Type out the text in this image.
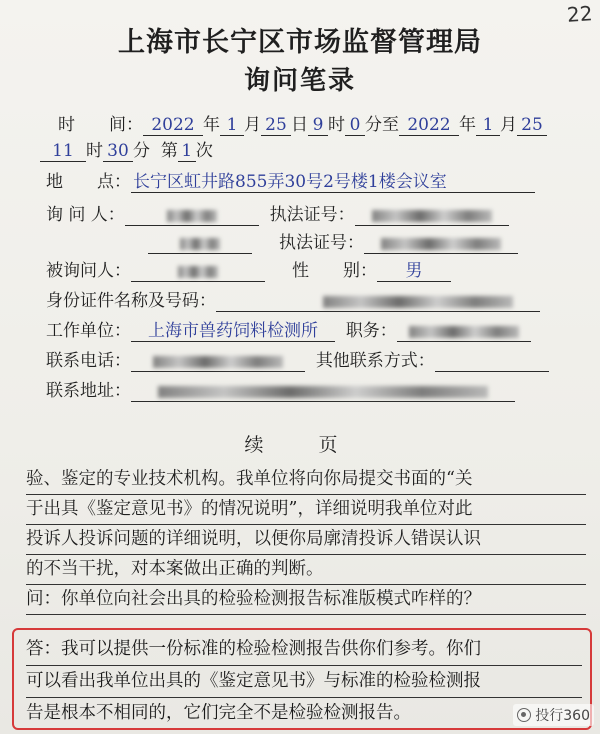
22
上海市长宁区市场监督管理局
询问笔录
时　　间： 2022 年 1 月 25 日 9 时 0 分至 2022 年 1 月 25
11 时 30 分 第 1 次
地　　点： 长宁区虹井路855弄30号2号楼1楼会议室
询 问 人：	执法证号：
执法证号：
被询问人：	性　　别： 男
身份证件名称及号码：
工作单位： 上海市兽药饲料检测所 职务：
联系电话：	其他联系方式：
联系地址：
续　页
验、鉴定的专业技术机构。我单位将向你局提交书面的“关
于出具《鉴定意见书》的情况说明”，详细说明我单位对此
投诉人投诉问题的详细说明，以便你局廓清投诉人错误认识
的不当干扰，对本案做出正确的判断。
问：你单位向社会出具的检验检测报告标准版模式咋样的？
答：我可以提供一份标准的检验检测报告供你们参考。你们
可以看出我单位出具的《鉴定意见书》与标准的检验检测报
告是根本不相同的，它们完全不是检验检测报告。	投行360
